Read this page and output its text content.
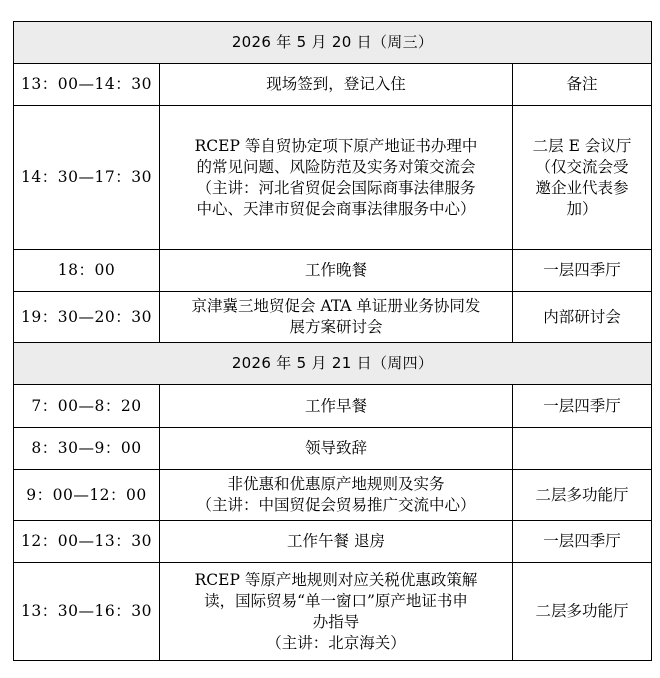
2026 年 5 月 20 日（周三）		
13：00—14：30	现场签到，登记入住	备注

14：30—17：30	RCEP 等自贸协定项下原产地证书办理中
的常见问题、风险防范及实务对策交流会
（主讲：河北省贸促会国际商事法律服务
中心、天津市贸促会商事法律服务中心）	二层 E 会议厅
（仅交流会受
邀企业代表参
加）

18：00	工作晚餐	一层四季厅

19：30—20：30	京津冀三地贸促会 ATA 单证册业务协同发
展方案研讨会	内部研讨会

2026 年 5 月 21 日（周四）		
7：00—8：20	工作早餐	一层四季厅

8：30—9：00	领导致辞	

9：00—12：00	非优惠和优惠原产地规则及实务
（主讲：中国贸促会贸易推广交流中心）	二层多功能厅

12：00—13：30	工作午餐 退房	一层四季厅

13：30—16：30	RCEP 等原产地规则对应关税优惠政策解
读，国际贸易“单一窗口”原产地证书申
办指导
（主讲：北京海关）	二层多功能厅
